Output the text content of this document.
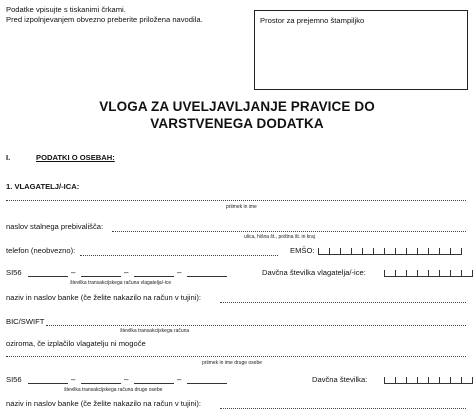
Podatke vpisujte s tiskanimi črkami.
Pred izpolnjevanjem obvezno preberite priložena navodila.	Prostor za prejemno štampiljko
VLOGA ZA UVELJAVLJANJE PRAVICE DO
VARSTVENEGA DODATKA
I.	PODATKI O OSEBAH:
1. VLAGATELJ/-ICA:
priimek in ime
naslov stalnega prebivališča:
ulica, hišna št., poštna št. in kraj
telefon (neobvezno):	EMŠO:
SI56	–	–	–
številka transakcijskega računa vlagatelja/-ice
Davčna številka vlagatelja/-ice:
naziv in naslov banke (če želite nakazilo na račun v tujini):
BIC/SWIFT
številka transakcijskega računa
oziroma, če izplačilo vlagatelju ni mogoče
priimek in ime druge osebe
SI56	–	–	–
številka transakcijskega računa druge osebe
Davčna številka:
naziv in naslov banke (če želite nakazilo na račun v tujini):
